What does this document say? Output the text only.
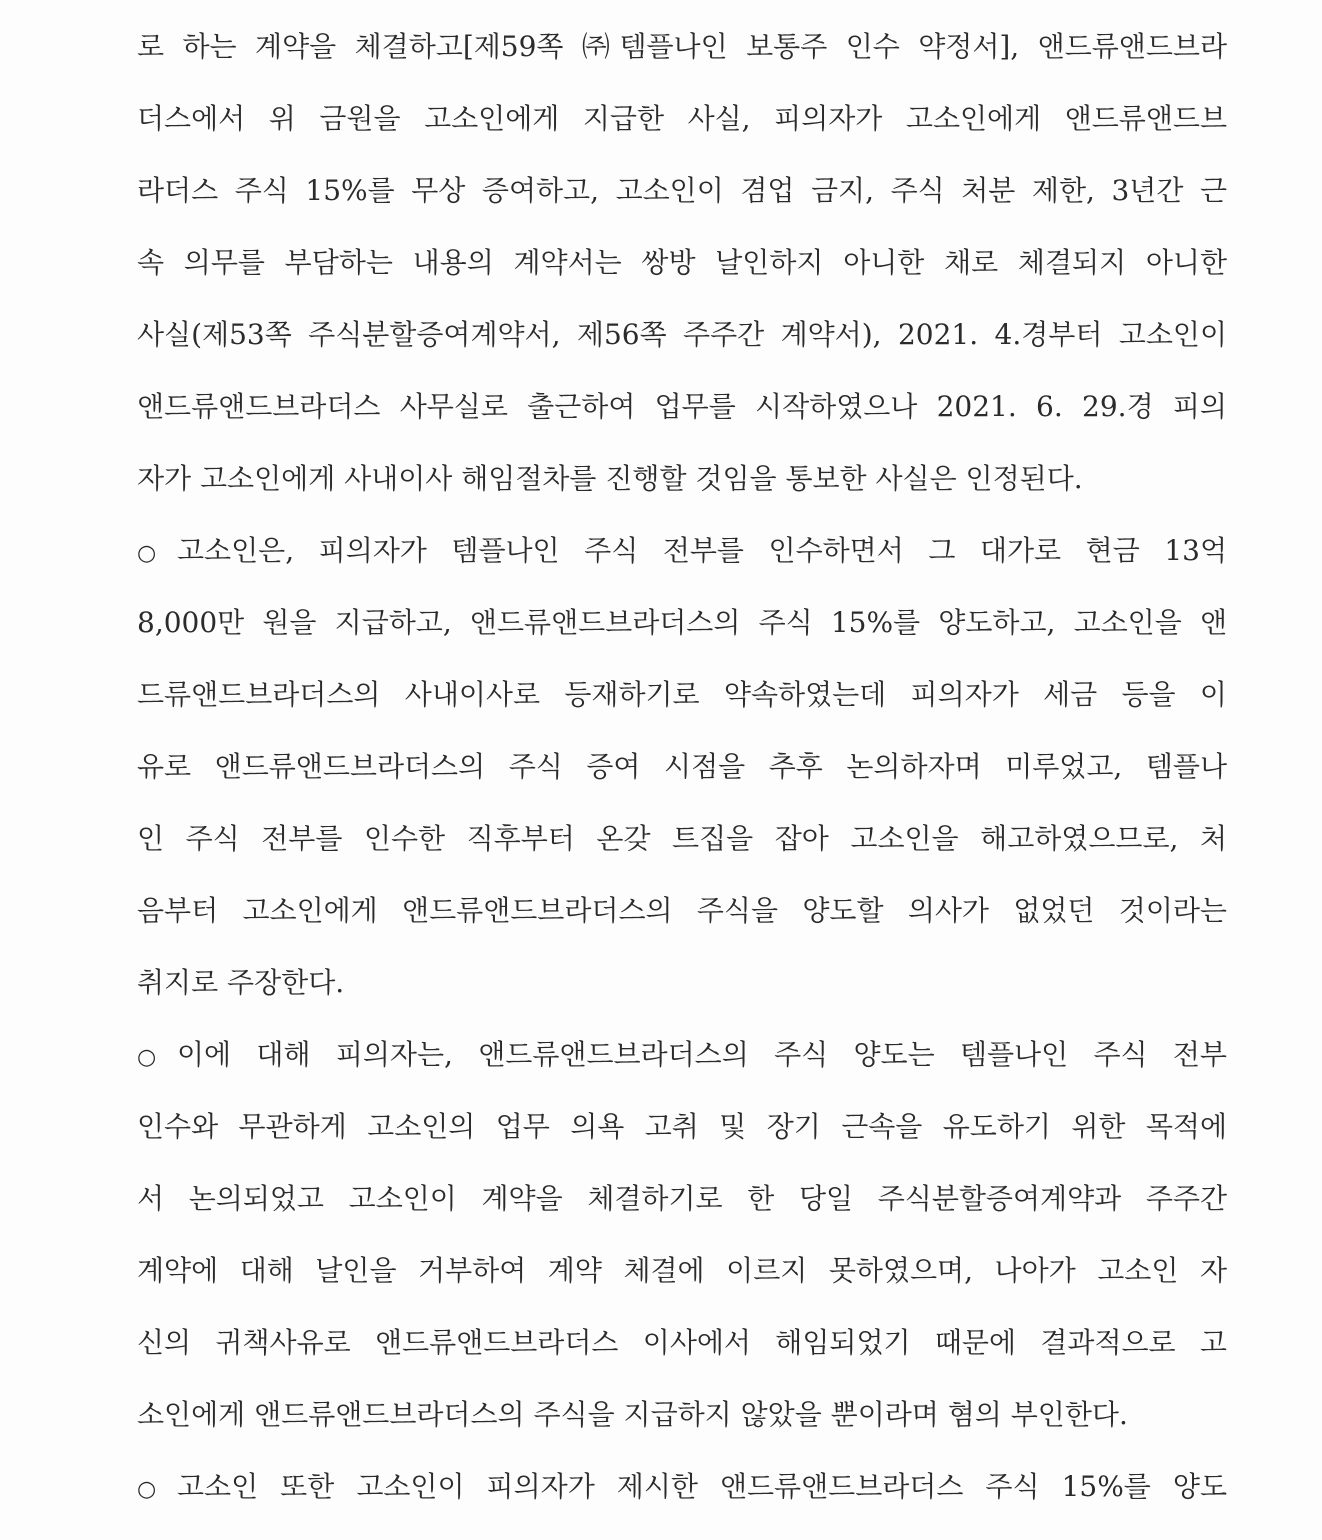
로 하는 계약을 체결하고[제59쪽 ㈜템플나인 보통주 인수 약정서], 앤드류앤드브라
더스에서 위 금원을 고소인에게 지급한 사실, 피의자가 고소인에게 앤드류앤드브
라더스 주식 15%를 무상 증여하고, 고소인이 겸업 금지, 주식 처분 제한, 3년간 근
속 의무를 부담하는 내용의 계약서는 쌍방 날인하지 아니한 채로 체결되지 아니한
사실(제53쪽 주식분할증여계약서, 제56쪽 주주간 계약서), 2021. 4.경부터 고소인이
앤드류앤드브라더스 사무실로 출근하여 업무를 시작하였으나 2021. 6. 29.경 피의
자가 고소인에게 사내이사 해임절차를 진행할 것임을 통보한 사실은 인정된다.
○ 고소인은, 피의자가 템플나인 주식 전부를 인수하면서 그 대가로 현금 13억
8,000만 원을 지급하고, 앤드류앤드브라더스의 주식 15%를 양도하고, 고소인을 앤
드류앤드브라더스의 사내이사로 등재하기로 약속하였는데 피의자가 세금 등을 이
유로 앤드류앤드브라더스의 주식 증여 시점을 추후 논의하자며 미루었고, 템플나
인 주식 전부를 인수한 직후부터 온갖 트집을 잡아 고소인을 해고하였으므로, 처
음부터 고소인에게 앤드류앤드브라더스의 주식을 양도할 의사가 없었던 것이라는
취지로 주장한다.
○ 이에 대해 피의자는, 앤드류앤드브라더스의 주식 양도는 템플나인 주식 전부
인수와 무관하게 고소인의 업무 의욕 고취 및 장기 근속을 유도하기 위한 목적에
서 논의되었고 고소인이 계약을 체결하기로 한 당일 주식분할증여계약과 주주간
계약에 대해 날인을 거부하여 계약 체결에 이르지 못하였으며, 나아가 고소인 자
신의 귀책사유로 앤드류앤드브라더스 이사에서 해임되었기 때문에 결과적으로 고
소인에게 앤드류앤드브라더스의 주식을 지급하지 않았을 뿐이라며 혐의 부인한다.
○ 고소인 또한 고소인이 피의자가 제시한 앤드류앤드브라더스 주식 15%를 양도
